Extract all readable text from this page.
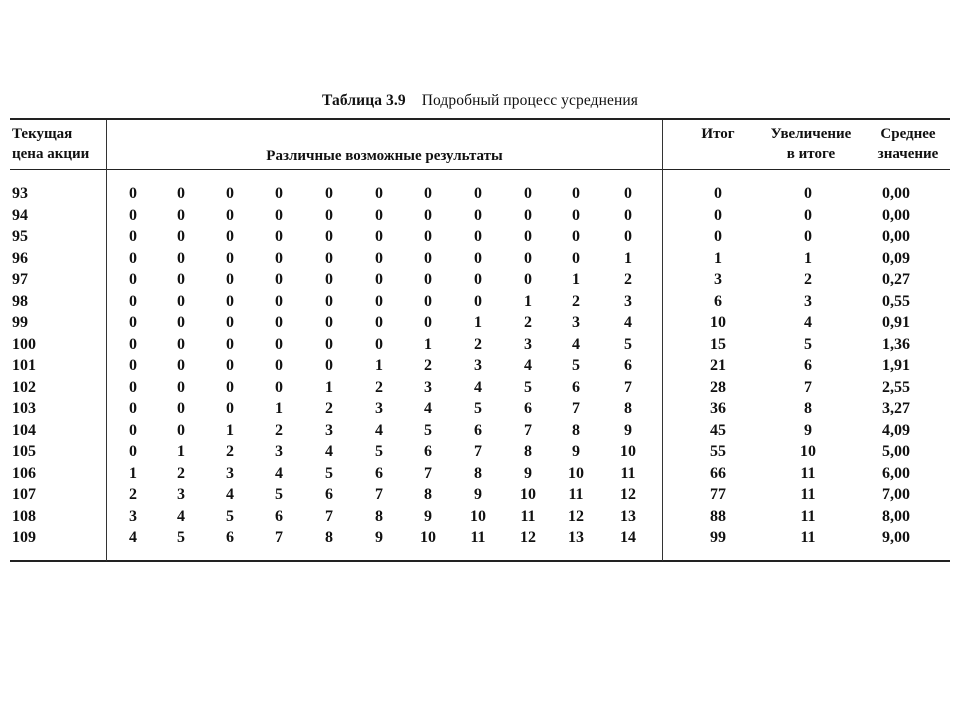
Таблица 3.9 Подробный процесс усреднения
Текущая
цена акции	Различные возможные результаты
Итог	Увеличение
в итоге
Среднее
значение
93	0	0	0	0	0	0	0	0	0	0	0	0	0	0,00
94	0	0	0	0	0	0	0	0	0	0	0	0	0	0,00
95	0	0	0	0	0	0	0	0	0	0	0	0	0	0,00
96	0	0	0	0	0	0	0	0	0	0	1	1	1	0,09
97	0	0	0	0	0	0	0	0	0	1	2	3	2	0,27
98	0	0	0	0	0	0	0	0	1	2	3	6	3	0,55
99	0	0	0	0	0	0	0	1	2	3	4	10	4	0,91
100	0	0	0	0	0	0	1	2	3	4	5	15	5	1,36
101	0	0	0	0	0	1	2	3	4	5	6	21	6	1,91
102	0	0	0	0	1	2	3	4	5	6	7	28	7	2,55
103	0	0	0	1	2	3	4	5	6	7	8	36	8	3,27
104	0	0	1	2	3	4	5	6	7	8	9	45	9	4,09
105	0	1	2	3	4	5	6	7	8	9	10	55	10	5,00
106	1	2	3	4	5	6	7	8	9	10	11	66	11	6,00
107	2	3	4	5	6	7	8	9	10	11	12	77	11	7,00
108	3	4	5	6	7	8	9	10	11	12	13	88	11	8,00
109	4	5	6	7	8	9	10	11	12	13	14	99	11	9,00
